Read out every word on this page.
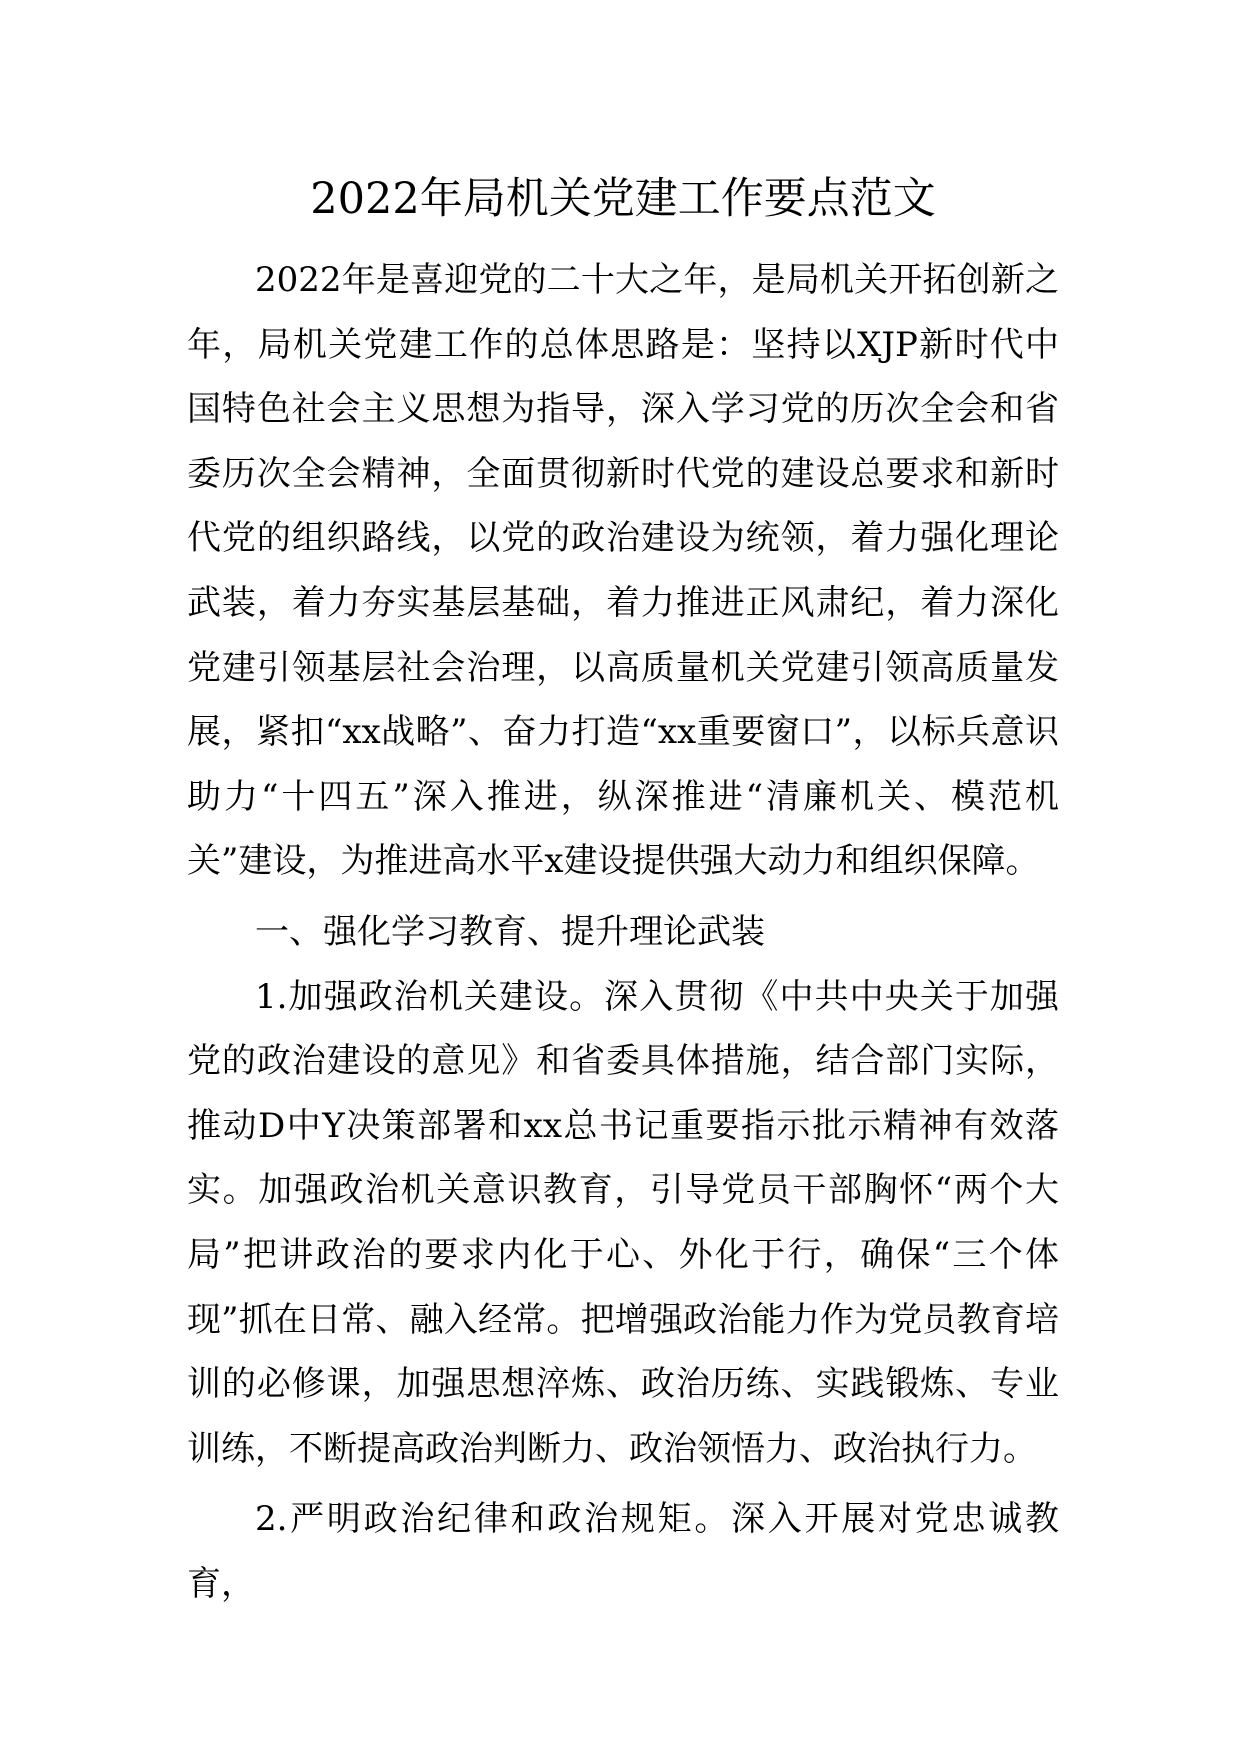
2022年局机关党建工作要点范文

2022年是喜迎党的二十大之年，是局机关开拓创新之年，局机关党建工作的总体思路是：坚持以XJP新时代中国特色社会主义思想为指导，深入学习党的历次全会和省委历次全会精神，全面贯彻新时代党的建设总要求和新时代党的组织路线，以党的政治建设为统领，着力强化理论武装，着力夯实基层基础，着力推进正风肃纪，着力深化党建引领基层社会治理，以高质量机关党建引领高质量发展，紧扣“xx战略”、奋力打造“xx重要窗口”，以标兵意识助力“十四五”深入推进，纵深推进“清廉机关、模范机关”建设，为推进高水平x建设提供强大动力和组织保障。

一、强化学习教育、提升理论武装

1.加强政治机关建设。深入贯彻《中共中央关于加强党的政治建设的意见》和省委具体措施，结合部门实际，推动D中Y决策部署和xx总书记重要指示批示精神有效落实。加强政治机关意识教育，引导党员干部胸怀“两个大局”把讲政治的要求内化于心、外化于行，确保“三个体现”抓在日常、融入经常。把增强政治能力作为党员教育培训的必修课，加强思想淬炼、政治历练、实践锻炼、专业训练，不断提高政治判断力、政治领悟力、政治执行力。

2.严明政治纪律和政治规矩。深入开展对党忠诚教育，
